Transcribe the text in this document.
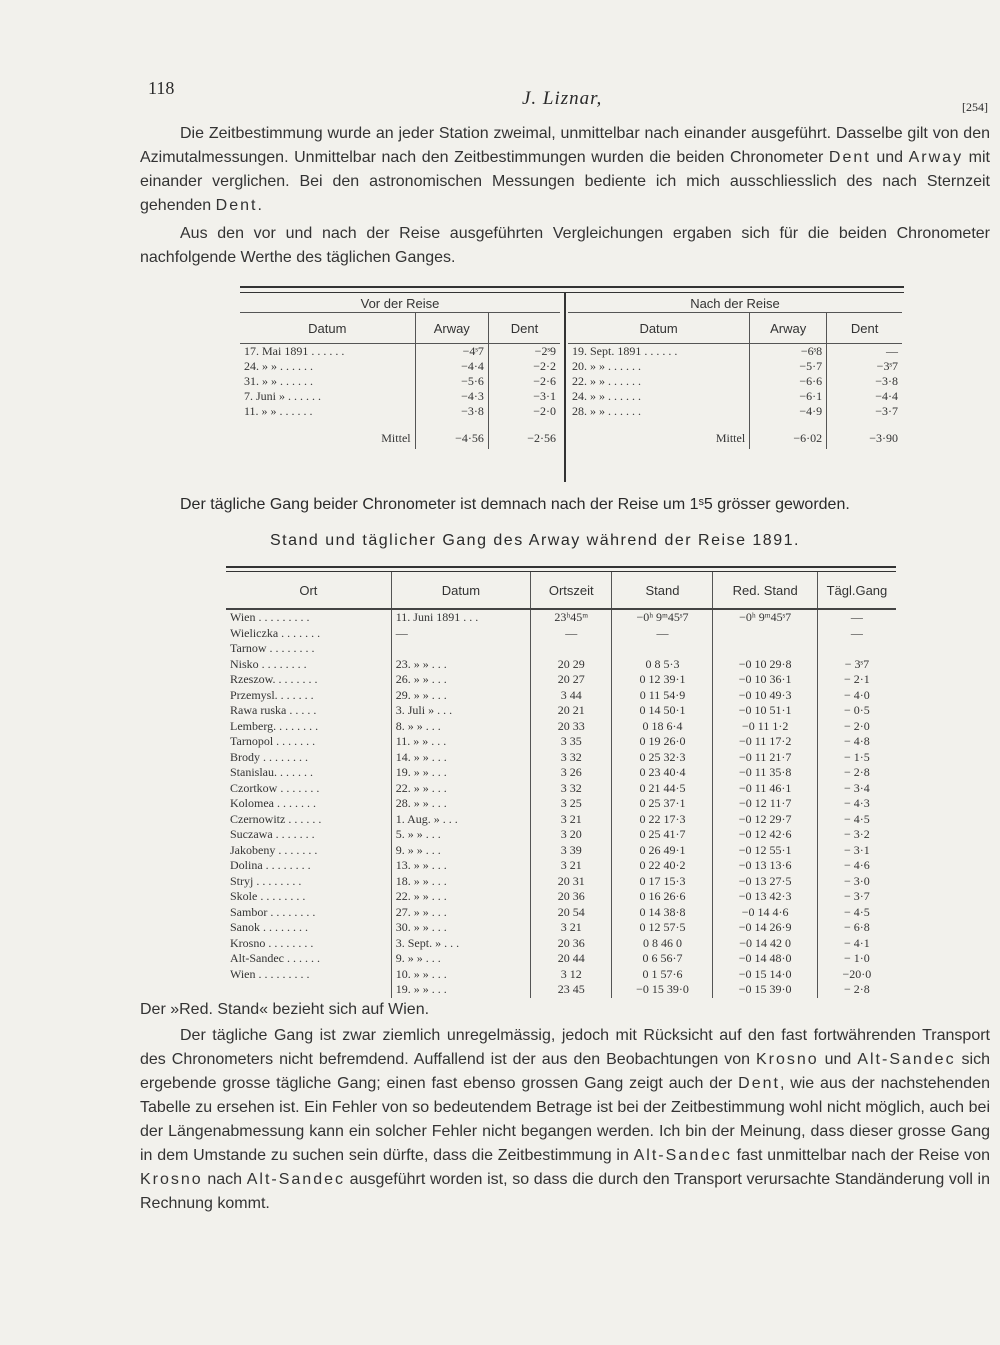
118	J. Liznar,	[254]
Die Zeitbestimmung wurde an jeder Station zweimal, unmittelbar nach einander ausgeführt. Dasselbe gilt von den Azimutalmessungen. Unmittelbar nach den Zeitbestimmungen wurden die beiden Chronometer Dent und Arway mit einander verglichen. Bei den astronomischen Messungen bediente ich mich ausschliesslich des nach Sternzeit gehenden Dent.
Aus den vor und nach der Reise ausgeführten Vergleichungen ergaben sich für die beiden Chronometer nachfolgende Werthe des täglichen Ganges.
Vor der Reise		
Datum	Arway	Dent
17. Mai 1891 . . . . . .	−4ˢ7	−2ˢ9
24. » » . . . . . .	−4·4	−2·2
31. » » . . . . . .	−5·6	−2·6
7. Juni » . . . . . .	−4·3	−3·1
11. » » . . . . . .	−3·8	−2·0
Mittel	−4·56	−2·56
Nach der Reise		
Datum	Arway	Dent
19. Sept. 1891 . . . . . .	−6ˢ8	—
20. » » . . . . . .	−5·7	−3ˢ7
22. » » . . . . . .	−6·6	−3·8
24. » » . . . . . .	−6·1	−4·4
28. » » . . . . . .	−4·9	−3·7
Mittel	−6·02	−3·90
Der tägliche Gang beider Chronometer ist demnach nach der Reise um 1ˢ5 grösser geworden.
Stand und täglicher Gang des Arway während der Reise 1891.
Ort	Datum	Ortszeit	Stand	Red. Stand	Tägl.Gang
Wien . . . . . . . . .	11. Juni 1891 . . .	23ʰ45ᵐ	−0ʰ 9ᵐ45ˢ7	−0ʰ 9ᵐ45ˢ7	—
Wieliczka . . . . . . .	—	—	—		—
Tarnow . . . . . . . .					
Nisko . . . . . . . .	23. » » . . .	20 29	0 8 5·3	−0 10 29·8	− 3ˢ7
Rzeszow. . . . . . . .	26. » » . . .	20 27	0 12 39·1	−0 10 36·1	− 2·1
Przemysl. . . . . . .	29. » » . . .	3 44	0 11 54·9	−0 10 49·3	− 4·0
Rawa ruska . . . . .	3. Juli » . . .	20 21	0 14 50·1	−0 10 51·1	− 0·5
Lemberg. . . . . . . .	8. » » . . .	20 33	0 18 6·4	−0 11 1·2	− 2·0
Tarnopol . . . . . . .	11. » » . . .	3 35	0 19 26·0	−0 11 17·2	− 4·8
Brody . . . . . . . .	14. » » . . .	3 32	0 25 32·3	−0 11 21·7	− 1·5
Stanislau. . . . . . .	19. » » . . .	3 26	0 23 40·4	−0 11 35·8	− 2·8
Czortkow . . . . . . .	22. » » . . .	3 32	0 21 44·5	−0 11 46·1	− 3·4
Kolomea . . . . . . .	28. » » . . .	3 25	0 25 37·1	−0 12 11·7	− 4·3
Czernowitz . . . . . .	1. Aug. » . . .	3 21	0 22 17·3	−0 12 29·7	− 4·5
Suczawa . . . . . . .	5. » » . . .	3 20	0 25 41·7	−0 12 42·6	− 3·2
Jakobeny . . . . . . .	9. » » . . .	3 39	0 26 49·1	−0 12 55·1	− 3·1
Dolina . . . . . . . .	13. » » . . .	3 21	0 22 40·2	−0 13 13·6	− 4·6
Stryj . . . . . . . .	18. » » . . .	20 31	0 17 15·3	−0 13 27·5	− 3·0
Skole . . . . . . . .	22. » » . . .	20 36	0 16 26·6	−0 13 42·3	− 3·7
Sambor . . . . . . . .	27. » » . . .	20 54	0 14 38·8	−0 14 4·6	− 4·5
Sanok . . . . . . . .	30. » » . . .	3 21	0 12 57·5	−0 14 26·9	− 6·8
Krosno . . . . . . . .	3. Sept. » . . .	20 36	0 8 46 0	−0 14 42 0	− 4·1
Alt-Sandec . . . . . .	9. » » . . .	20 44	0 6 56·7	−0 14 48·0	− 1·0
Wien . . . . . . . . .	10. » » . . .	3 12	0 1 57·6	−0 15 14·0	−20·0
	19. » » . . .	23 45	−0 15 39·0	−0 15 39·0	− 2·8
Der »Red. Stand« bezieht sich auf Wien.
Der tägliche Gang ist zwar ziemlich unregelmässig, jedoch mit Rücksicht auf den fast fortwährenden Transport des Chronometers nicht befremdend. Auffallend ist der aus den Beobachtungen von Krosno und Alt-Sandec sich ergebende grosse tägliche Gang; einen fast ebenso grossen Gang zeigt auch der Dent, wie aus der nachstehenden Tabelle zu ersehen ist. Ein Fehler von so bedeutendem Betrage ist bei der Zeitbestimmung wohl nicht möglich, auch bei der Längenabmessung kann ein solcher Fehler nicht begangen werden. Ich bin der Meinung, dass dieser grosse Gang in dem Umstande zu suchen sein dürfte, dass die Zeitbestimmung in Alt-Sandec fast unmittelbar nach der Reise von Krosno nach Alt-Sandec ausgeführt worden ist, so dass die durch den Transport verursachte Standänderung voll in Rechnung kommt.
